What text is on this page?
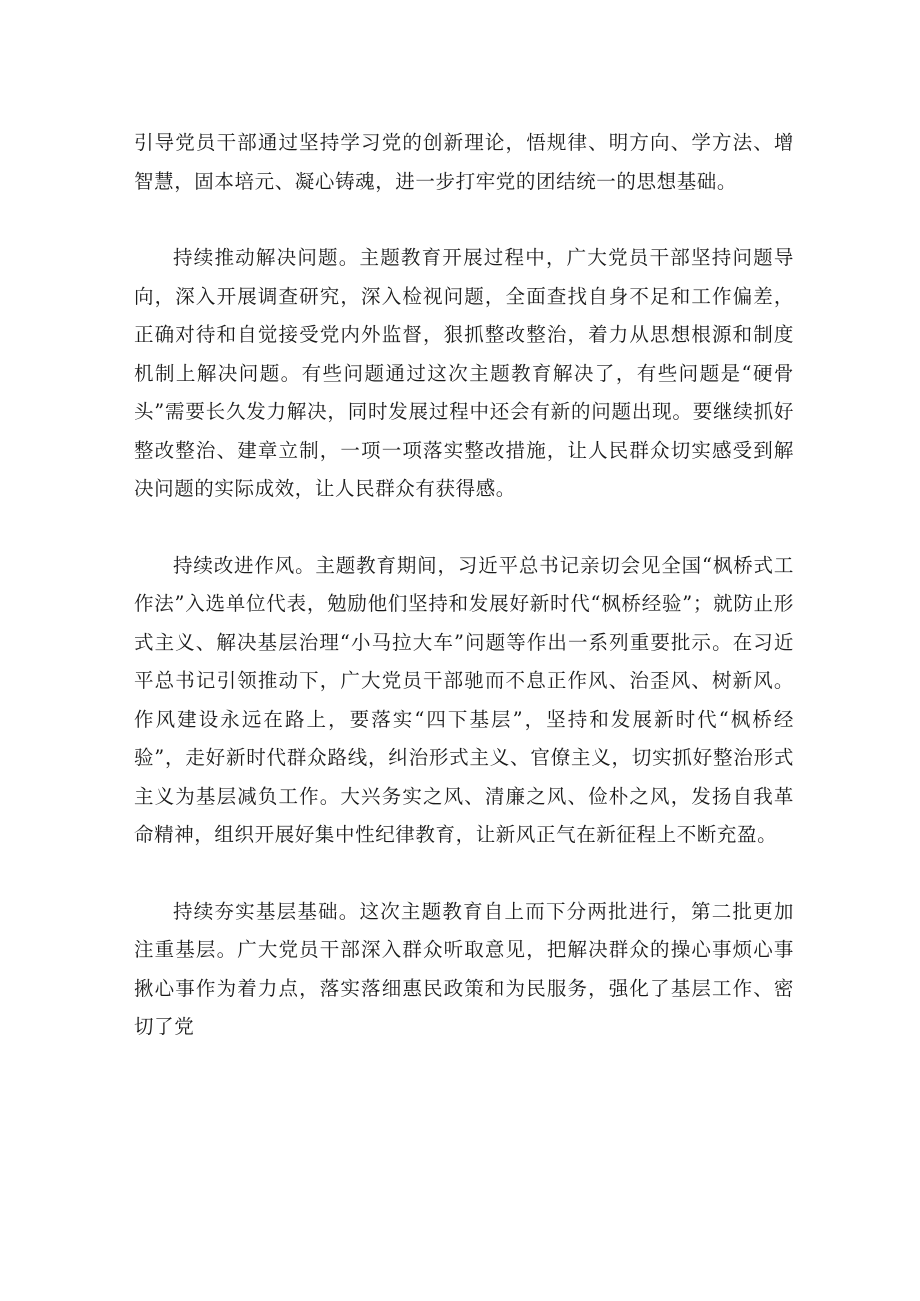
引导党员干部通过坚持学习党的创新理论，悟规律、明方向、学方法、增智慧，固本培元、凝心铸魂，进一步打牢党的团结统一的思想基础。

持续推动解决问题。主题教育开展过程中，广大党员干部坚持问题导向，深入开展调查研究，深入检视问题，全面查找自身不足和工作偏差，正确对待和自觉接受党内外监督，狠抓整改整治，着力从思想根源和制度机制上解决问题。有些问题通过这次主题教育解决了，有些问题是“硬骨头”需要长久发力解决，同时发展过程中还会有新的问题出现。要继续抓好整改整治、建章立制，一项一项落实整改措施，让人民群众切实感受到解决问题的实际成效，让人民群众有获得感。

持续改进作风。主题教育期间，习近平总书记亲切会见全国“枫桥式工作法”入选单位代表，勉励他们坚持和发展好新时代“枫桥经验”；就防止形式主义、解决基层治理“小马拉大车”问题等作出一系列重要批示。在习近平总书记引领推动下，广大党员干部驰而不息正作风、治歪风、树新风。作风建设永远在路上，要落实“四下基层”，坚持和发展新时代“枫桥经验”，走好新时代群众路线，纠治形式主义、官僚主义，切实抓好整治形式主义为基层减负工作。大兴务实之风、清廉之风、俭朴之风，发扬自我革命精神，组织开展好集中性纪律教育，让新风正气在新征程上不断充盈。

持续夯实基层基础。这次主题教育自上而下分两批进行，第二批更加注重基层。广大党员干部深入群众听取意见，把解决群众的操心事烦心事揪心事作为着力点，落实落细惠民政策和为民服务，强化了基层工作、密切了党
